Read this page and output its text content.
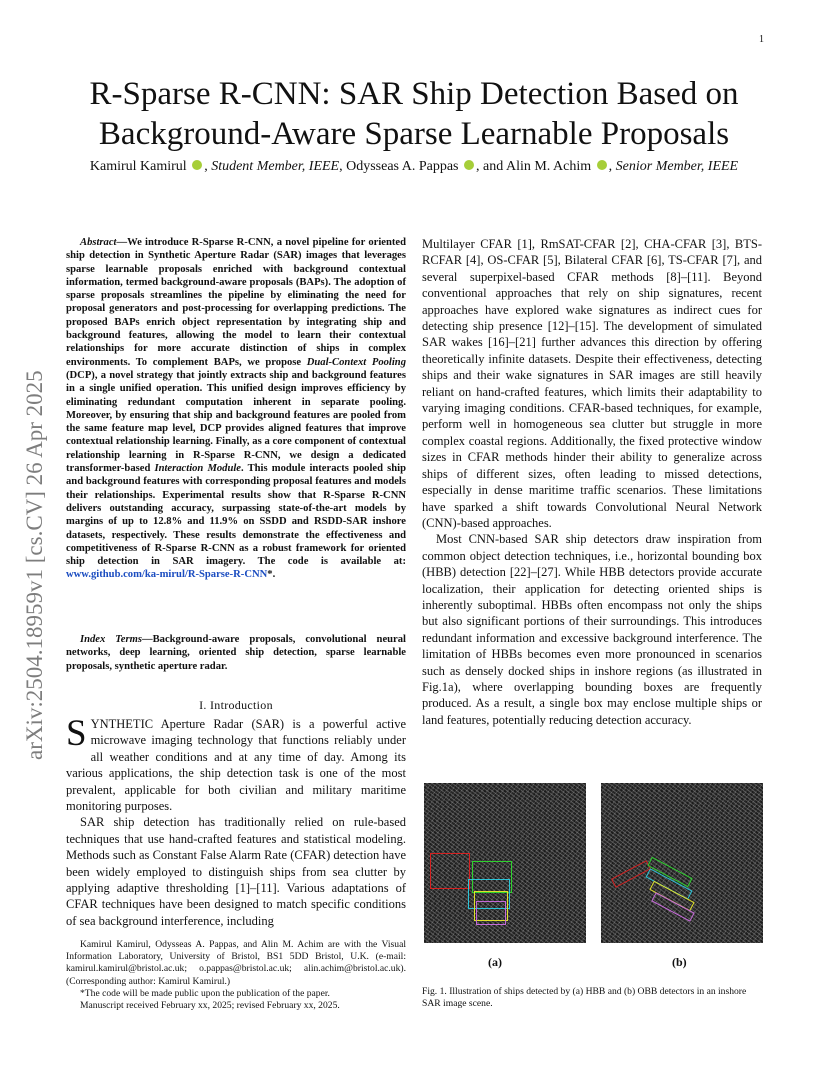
1
arXiv:2504.18959v1 [cs.CV] 26 Apr 2025
R-Sparse R-CNN: SAR Ship Detection Based on
Background-Aware Sparse Learnable Proposals
Kamirul Kamirul , Student Member, IEEE, Odysseas A. Pappas , and Alin M. Achim , Senior Member, IEEE
Abstract—We introduce R-Sparse R-CNN, a novel pipeline for oriented ship detection in Synthetic Aperture Radar (SAR) images that leverages sparse learnable proposals enriched with background contextual information, termed background-aware proposals (BAPs). The adoption of sparse proposals streamlines the pipeline by eliminating the need for proposal generators and post-processing for overlapping predictions. The proposed BAPs enrich object representation by integrating ship and background features, allowing the model to learn their contextual relationships for more accurate distinction of ships in complex environments. To complement BAPs, we propose Dual-Context Pooling (DCP), a novel strategy that jointly extracts ship and background features in a single unified operation. This unified design improves efficiency by eliminating redundant computation inherent in separate pooling. Moreover, by ensuring that ship and background features are pooled from the same feature map level, DCP provides aligned features that improve contextual relationship learning. Finally, as a core component of contextual relationship learning in R-Sparse R-CNN, we design a dedicated transformer-based Interaction Module. This module interacts pooled ship and background features with corresponding proposal features and models their relationships. Experimental results show that R-Sparse R-CNN delivers outstanding accuracy, surpassing state-of-the-art models by margins of up to 12.8% and 11.9% on SSDD and RSDD-SAR inshore datasets, respectively. These results demonstrate the effectiveness and competitiveness of R-Sparse R-CNN as a robust framework for oriented ship detection in SAR imagery. The code is available at: www.github.com/ka-mirul/R-Sparse-R-CNN*.
Index Terms—Background-aware proposals, convolutional neural networks, deep learning, oriented ship detection, sparse learnable proposals, synthetic aperture radar.
I. Introduction

SYNTHETIC Aperture Radar (SAR) is a powerful active microwave imaging technology that functions reliably under all weather conditions and at any time of day. Among its various applications, the ship detection task is one of the most prevalent, applicable for both civilian and military maritime monitoring purposes.

SAR ship detection has traditionally relied on rule-based techniques that use hand-crafted features and statistical modeling. Methods such as Constant False Alarm Rate (CFAR) detection have been widely employed to distinguish ships from sea clutter by applying adaptive thresholding [1]–[11]. Various adaptations of CFAR techniques have been designed to match specific conditions of sea background interference, including

Kamirul Kamirul, Odysseas A. Pappas, and Alin M. Achim are with the Visual Information Laboratory, University of Bristol, BS1 5DD Bristol, U.K. (e-mail: kamirul.kamirul@bristol.ac.uk; o.pappas@bristol.ac.uk; alin.achim@bristol.ac.uk). (Corresponding author: Kamirul Kamirul.)

*The code will be made public upon the publication of the paper.

Manuscript received February xx, 2025; revised February xx, 2025.

Multilayer CFAR [1], RmSAT-CFAR [2], CHA-CFAR [3], BTS-RCFAR [4], OS-CFAR [5], Bilateral CFAR [6], TS-CFAR [7], and several superpixel-based CFAR methods [8]–[11]. Beyond conventional approaches that rely on ship signatures, recent approaches have explored wake signatures as indirect cues for detecting ship presence [12]–[15]. The development of simulated SAR wakes [16]–[21] further advances this direction by offering theoretically infinite datasets. Despite their effectiveness, detecting ships and their wake signatures in SAR images are still heavily reliant on hand-crafted features, which limits their adaptability to varying imaging conditions. CFAR-based techniques, for example, perform well in homogeneous sea clutter but struggle in more complex coastal regions. Additionally, the fixed protective window sizes in CFAR methods hinder their ability to generalize across ships of different sizes, often leading to missed detections, especially in dense maritime traffic scenarios. These limitations have sparked a shift towards Convolutional Neural Network (CNN)-based approaches.

Most CNN-based SAR ship detectors draw inspiration from common object detection techniques, i.e., horizontal bounding box (HBB) detection [22]–[27]. While HBB detectors provide accurate localization, their application for detecting oriented ships is inherently suboptimal. HBBs often encompass not only the ships but also significant portions of their surroundings. This introduces redundant information and excessive background interference. The limitation of HBBs becomes even more pronounced in scenarios such as densely docked ships in inshore regions (as illustrated in Fig.1a), where overlapping bounding boxes are frequently produced. As a result, a single box may enclose multiple ships or land features, potentially reducing detection accuracy.

(a)	(b)
Fig. 1. Illustration of ships detected by (a) HBB and (b) OBB detectors in an inshore SAR image scene.
